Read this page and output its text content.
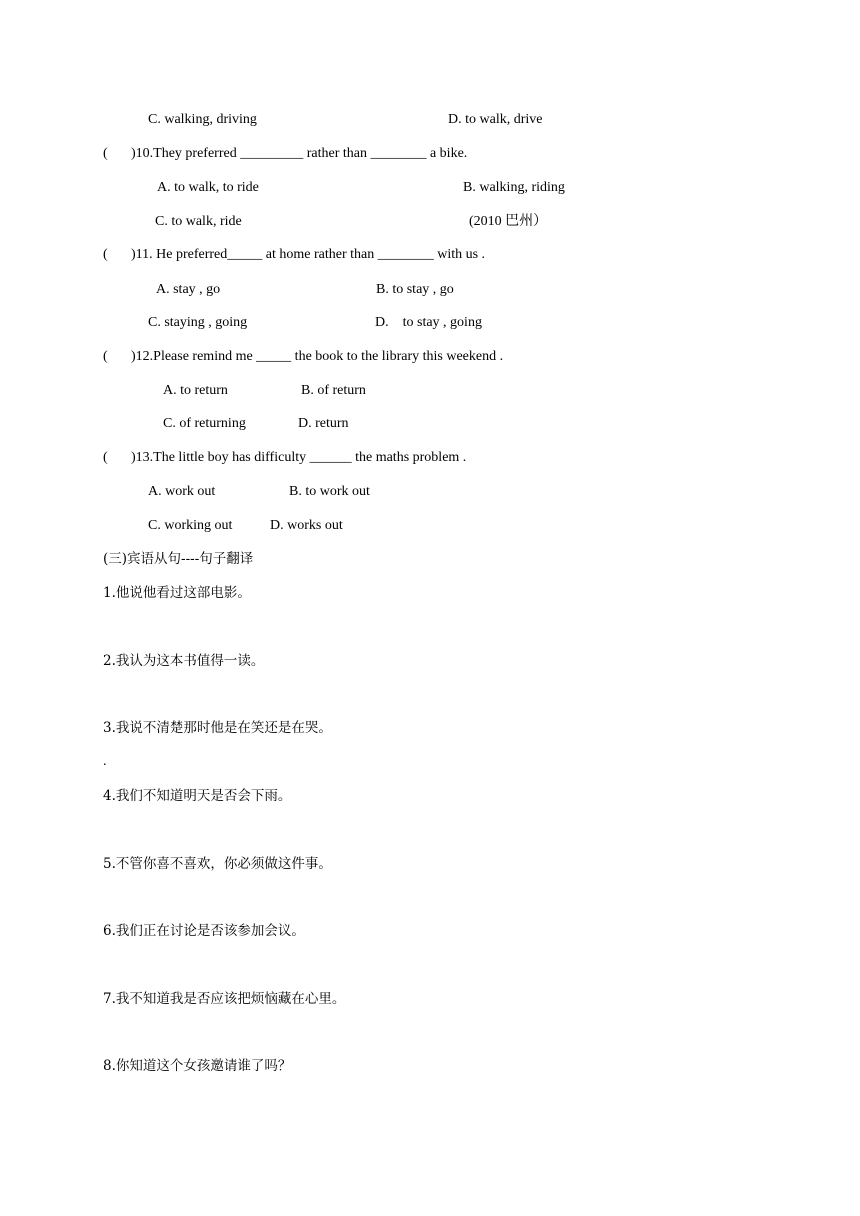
C. walking, driving	D. to walk, drive
( )10.They preferred _________ rather than ________ a bike.
A. to walk, to ride	B. walking, riding
C. to walk, ride	(2010 巴州）
( )11. He preferred_____ at home rather than ________ with us .
A. stay , go	B. to stay , go
C. staying , going	D.    to stay , going
( )12.Please remind me _____ the book to the library this weekend .
A. to return	B. of return
C. of returning	D. return
( )13.The little boy has difficulty ______ the maths problem .
A. work out	B. to work out
C. working out	D. works out
(三)宾语从句----句子翻译
1.他说他看过这部电影。
2.我认为这本书值得一读。
3.我说不清楚那时他是在笑还是在哭。
.
4.我们不知道明天是否会下雨。
5.不管你喜不喜欢，你必须做这件事。
6.我们正在讨论是否该参加会议。
7.我不知道我是否应该把烦恼藏在心里。
8.你知道这个女孩邀请谁了吗？
